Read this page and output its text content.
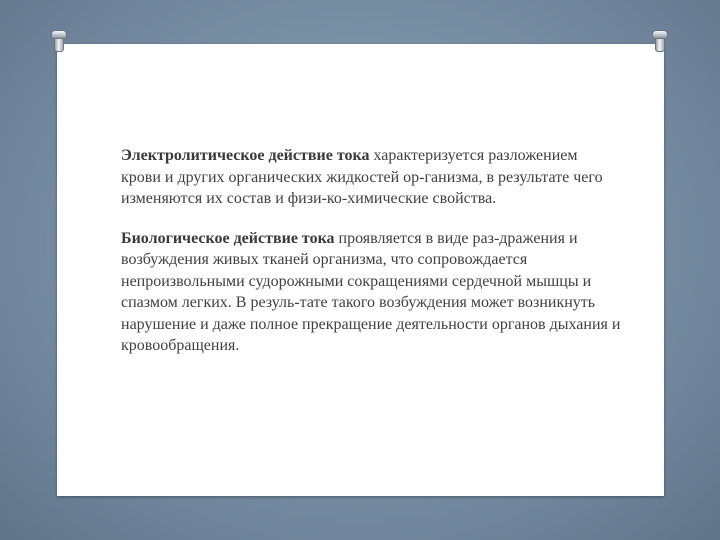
Электролитическое действие тока характеризуется разложением крови и других органических жидкостей ор-ганизма, в результате чего изменяются их состав и физи-ко-химические свойства.

Биологическое действие тока проявляется в виде раз-дражения и возбуждения живых тканей организма, что сопровождается непроизвольными судорожными сокращениями сердечной мышцы и спазмом легких. В резуль-тате такого возбуждения может возникнуть нарушение и даже полное прекращение деятельности органов дыхания и кровообращения.
